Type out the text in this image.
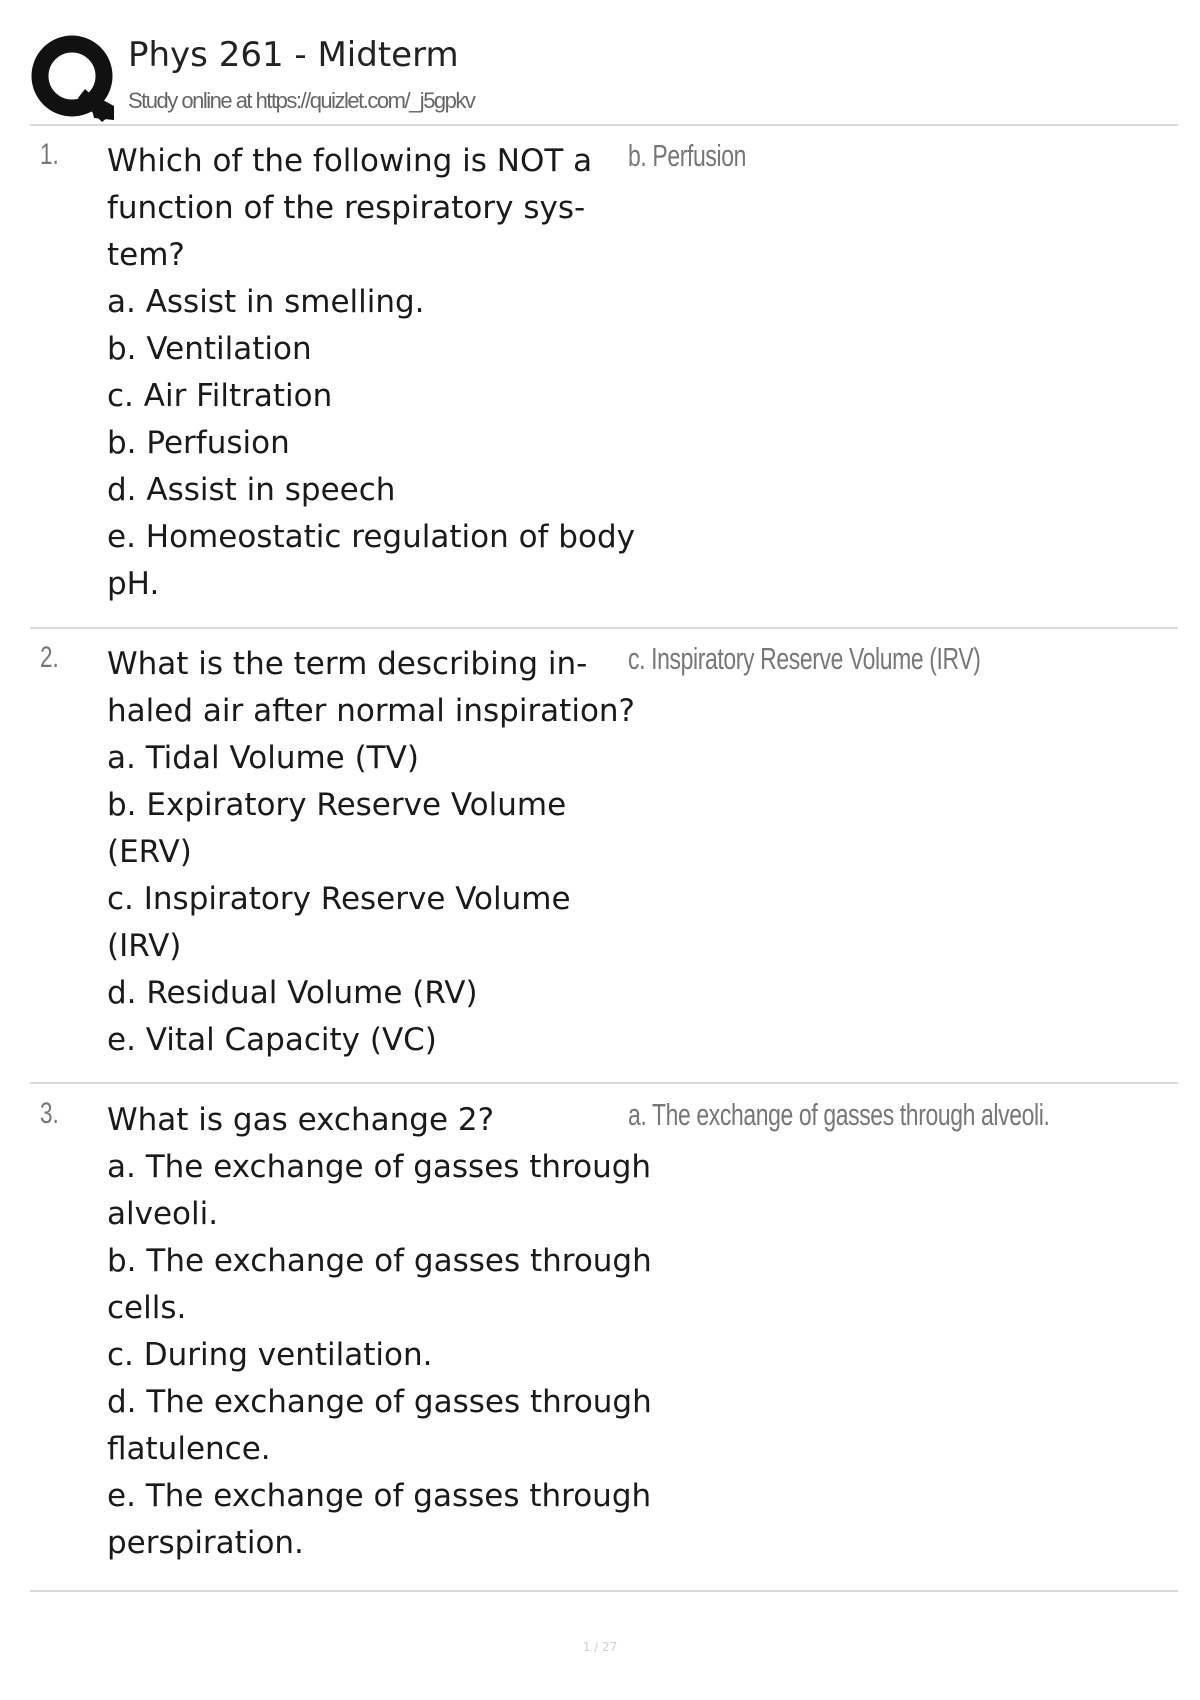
Phys 261 - Midterm
Study online at https://quizlet.com/_j5gpkv
1. Which of the following is NOT a
function of the respiratory sys-
tem?
a. Assist in smelling.
b. Ventilation
c. Air Filtration
b. Perfusion
d. Assist in speech
e. Homeostatic regulation of body
pH.
b. Perfusion
2. What is the term describing in-
haled air after normal inspiration?
a. Tidal Volume (TV)
b. Expiratory Reserve Volume
(ERV)
c. Inspiratory Reserve Volume
(IRV)
d. Residual Volume (RV)
e. Vital Capacity (VC)
c. Inspiratory Reserve Volume (IRV)
3. What is gas exchange 2?
a. The exchange of gasses through
alveoli.
b. The exchange of gasses through
cells.
c. During ventilation.
d. The exchange of gasses through
flatulence.
e. The exchange of gasses through
perspiration.
a. The exchange of gasses through alveoli.
1 / 27
